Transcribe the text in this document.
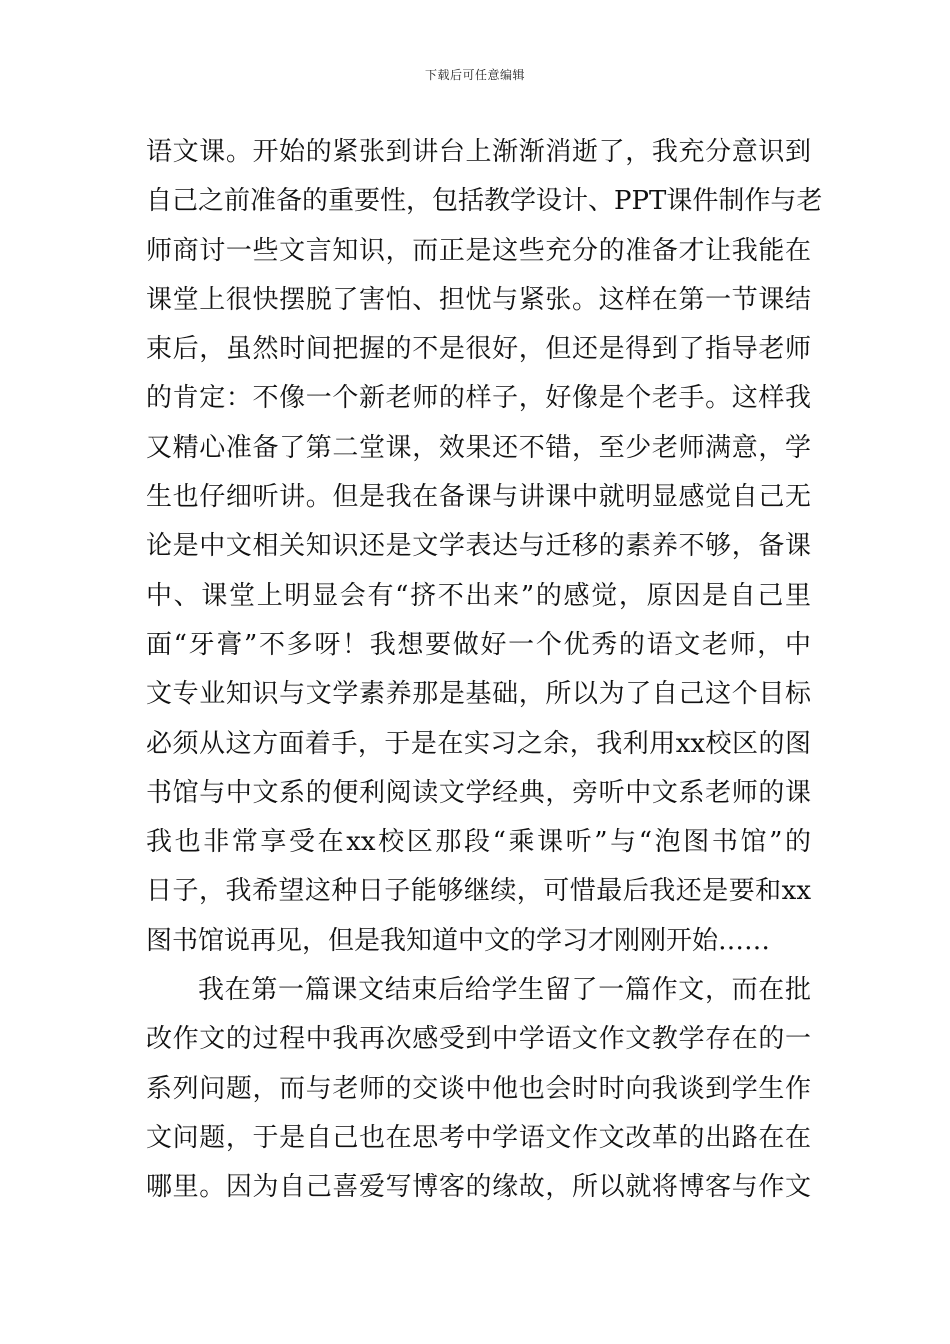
下载后可任意编辑
语文课。开始的紧张到讲台上渐渐消逝了，我充分意识到
自己之前准备的重要性，包括教学设计、PPT课件制作与老
师商讨一些文言知识，而正是这些充分的准备才让我能在
课堂上很快摆脱了害怕、担忧与紧张。这样在第一节课结
束后，虽然时间把握的不是很好，但还是得到了指导老师
的肯定：不像一个新老师的样子，好像是个老手。这样我
又精心准备了第二堂课，效果还不错，至少老师满意，学
生也仔细听讲。但是我在备课与讲课中就明显感觉自己无
论是中文相关知识还是文学表达与迁移的素养不够，备课
中、课堂上明显会有“挤不出来”的感觉，原因是自己里
面“牙膏”不多呀！我想要做好一个优秀的语文老师，中
文专业知识与文学素养那是基础，所以为了自己这个目标
必须从这方面着手，于是在实习之余，我利用xx校区的图
书馆与中文系的便利阅读文学经典，旁听中文系老师的课
我也非常享受在xx校区那段“乘课听”与“泡图书馆”的
日子，我希望这种日子能够继续，可惜最后我还是要和xx
图书馆说再见，但是我知道中文的学习才刚刚开始……
我在第一篇课文结束后给学生留了一篇作文，而在批
改作文的过程中我再次感受到中学语文作文教学存在的一
系列问题，而与老师的交谈中他也会时时向我谈到学生作
文问题，于是自己也在思考中学语文作文改革的出路在在
哪里。因为自己喜爱写博客的缘故，所以就将博客与作文
